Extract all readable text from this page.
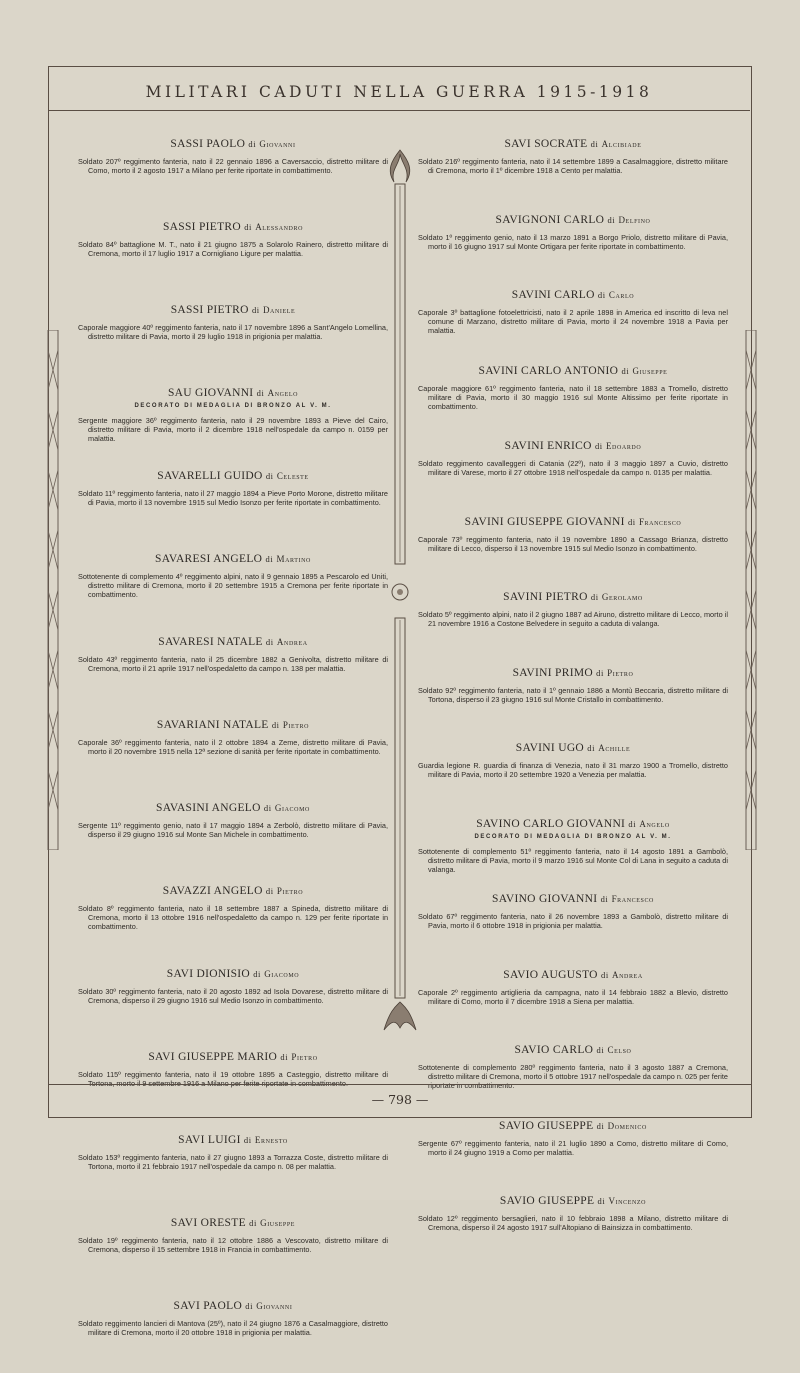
MILITARI CADUTI NELLA GUERRA 1915-1918
SASSI PAOLO di Giovanni
Soldato 207º reggimento fanteria, nato il 22 gennaio 1896 a Caversaccio, distretto militare di Como, morto il 2 agosto 1917 a Milano per ferite riportate in combattimento.
SASSI PIETRO di Alessandro
Soldato 84º battaglione M. T., nato il 21 giugno 1875 a Solarolo Rainero, distretto militare di Cremona, morto il 17 luglio 1917 a Cornigliano Ligure per malattia.
SASSI PIETRO di Daniele
Caporale maggiore 40º reggimento fanteria, nato il 17 novembre 1896 a Sant'Angelo Lomellina, distretto militare di Pavia, morto il 29 luglio 1918 in prigionia per malattia.
SAU GIOVANNI di Angelo
DECORATO DI MEDAGLIA DI BRONZO AL V. M.
Sergente maggiore 36º reggimento fanteria, nato il 29 novembre 1893 a Pieve del Cairo, distretto militare di Pavia, morto il 2 dicembre 1918 nell'ospedale da campo n. 0159 per malattia.
SAVARELLI GUIDO di Celeste
Soldato 11º reggimento fanteria, nato il 27 maggio 1894 a Pieve Porto Morone, distretto militare di Pavia, morto il 13 novembre 1915 sul Medio Isonzo per ferite riportate in combattimento.
SAVARESI ANGELO di Martino
Sottotenente di complemento 4º reggimento alpini, nato il 9 gennaio 1895 a Pescarolo ed Uniti, distretto militare di Cremona, morto il 20 settembre 1915 a Cremona per ferite riportate in combattimento.
SAVARESI NATALE di Andrea
Soldato 43º reggimento fanteria, nato il 25 dicembre 1882 a Genivolta, distretto militare di Cremona, morto il 21 aprile 1917 nell'ospedaletto da campo n. 138 per malattia.
SAVARIANI NATALE di Pietro
Caporale 36º reggimento fanteria, nato il 2 ottobre 1894 a Zeme, distretto militare di Pavia, morto il 20 novembre 1915 nella 12ª sezione di sanità per ferite riportate in combattimento.
SAVASINI ANGELO di Giacomo
Sergente 11º reggimento genio, nato il 17 maggio 1894 a Zerbolò, distretto militare di Pavia, disperso il 29 giugno 1916 sul Monte San Michele in combattimento.
SAVAZZI ANGELO di Pietro
Soldato 8º reggimento fanteria, nato il 18 settembre 1887 a Spineda, distretto militare di Cremona, morto il 13 ottobre 1916 nell'ospedaletto da campo n. 129 per ferite riportate in combattimento.
SAVI DIONISIO di Giacomo
Soldato 30º reggimento fanteria, nato il 20 agosto 1892 ad Isola Dovarese, distretto militare di Cremona, disperso il 29 giugno 1916 sul Medio Isonzo in combattimento.
SAVI GIUSEPPE MARIO di Pietro
Soldato 115º reggimento fanteria, nato il 19 ottobre 1895 a Casteggio, distretto militare di Tortona, morto il 9 settembre 1916 a Milano per ferite riportate in combattimento.
SAVI LUIGI di Ernesto
Soldato 153º reggimento fanteria, nato il 27 giugno 1893 a Torrazza Coste, distretto militare di Tortona, morto il 21 febbraio 1917 nell'ospedale da campo n. 08 per malattia.
SAVI ORESTE di Giuseppe
Soldato 19º reggimento fanteria, nato il 12 ottobre 1886 a Vescovato, distretto militare di Cremona, disperso il 15 settembre 1918 in Francia in combattimento.
SAVI PAOLO di Giovanni
Soldato reggimento lancieri di Mantova (25º), nato il 24 giugno 1876 a Casalmaggiore, distretto militare di Cremona, morto il 20 ottobre 1918 in prigionia per malattia.
SAVI SOCRATE di Alcibiade
Soldato 216º reggimento fanteria, nato il 14 settembre 1899 a Casalmaggiore, distretto militare di Cremona, morto il 1º dicembre 1918 a Cento per malattia.
SAVIGNONI CARLO di Delfino
Soldato 1º reggimento genio, nato il 13 marzo 1891 a Borgo Priolo, distretto militare di Pavia, morto il 16 giugno 1917 sul Monte Ortigara per ferite riportate in combattimento.
SAVINI CARLO di Carlo
Caporale 3º battaglione fotoelettricisti, nato il 2 aprile 1898 in America ed inscritto di leva nel comune di Marzano, distretto militare di Pavia, morto il 24 novembre 1918 a Pavia per malattia.
SAVINI CARLO ANTONIO di Giuseppe
Caporale maggiore 61º reggimento fanteria, nato il 18 settembre 1883 a Tromello, distretto militare di Pavia, morto il 30 maggio 1916 sul Monte Altissimo per ferite riportate in combattimento.
SAVINI ENRICO di Edoardo
Soldato reggimento cavalleggeri di Catania (22º), nato il 3 maggio 1897 a Cuvio, distretto militare di Varese, morto il 27 ottobre 1918 nell'ospedale da campo n. 0135 per malattia.
SAVINI GIUSEPPE GIOVANNI di Francesco
Caporale 73º reggimento fanteria, nato il 19 novembre 1890 a Cassago Brianza, distretto militare di Lecco, disperso il 13 novembre 1915 sul Medio Isonzo in combattimento.
SAVINI PIETRO di Gerolamo
Soldato 5º reggimento alpini, nato il 2 giugno 1887 ad Airuno, distretto militare di Lecco, morto il 21 novembre 1916 a Costone Belvedere in seguito a caduta di valanga.
SAVINI PRIMO di Pietro
Soldato 92º reggimento fanteria, nato il 1º gennaio 1886 a Montù Beccaria, distretto militare di Tortona, disperso il 23 giugno 1916 sul Monte Cristallo in combattimento.
SAVINI UGO di Achille
Guardia legione R. guardia di finanza di Venezia, nato il 31 marzo 1900 a Tromello, distretto militare di Pavia, morto il 20 settembre 1920 a Venezia per malattia.
SAVINO CARLO GIOVANNI di Angelo
DECORATO DI MEDAGLIA DI BRONZO AL V. M.
Sottotenente di complemento 51º reggimento fanteria, nato il 14 agosto 1891 a Gambolò, distretto militare di Pavia, morto il 9 marzo 1916 sul Monte Col di Lana in seguito a caduta di valanga.
SAVINO GIOVANNI di Francesco
Soldato 67º reggimento fanteria, nato il 26 novembre 1893 a Gambolò, distretto militare di Pavia, morto il 6 ottobre 1918 in prigionia per malattia.
SAVIO AUGUSTO di Andrea
Caporale 2º reggimento artiglieria da campagna, nato il 14 febbraio 1882 a Blevio, distretto militare di Como, morto il 7 dicembre 1918 a Siena per malattia.
SAVIO CARLO di Celso
Sottotenente di complemento 280º reggimento fanteria, nato il 3 agosto 1887 a Cremona, distretto militare di Cremona, morto il 5 ottobre 1917 nell'ospedale da campo n. 025 per ferite riportate in combattimento.
SAVIO GIUSEPPE di Domenico
Sergente 67º reggimento fanteria, nato il 21 luglio 1890 a Como, distretto militare di Como, morto il 24 giugno 1919 a Como per malattia.
SAVIO GIUSEPPE di Vincenzo
Soldato 12º reggimento bersaglieri, nato il 10 febbraio 1898 a Milano, distretto militare di Cremona, disperso il 24 agosto 1917 sull'Altopiano di Bainsizza in combattimento.
— 798 —
